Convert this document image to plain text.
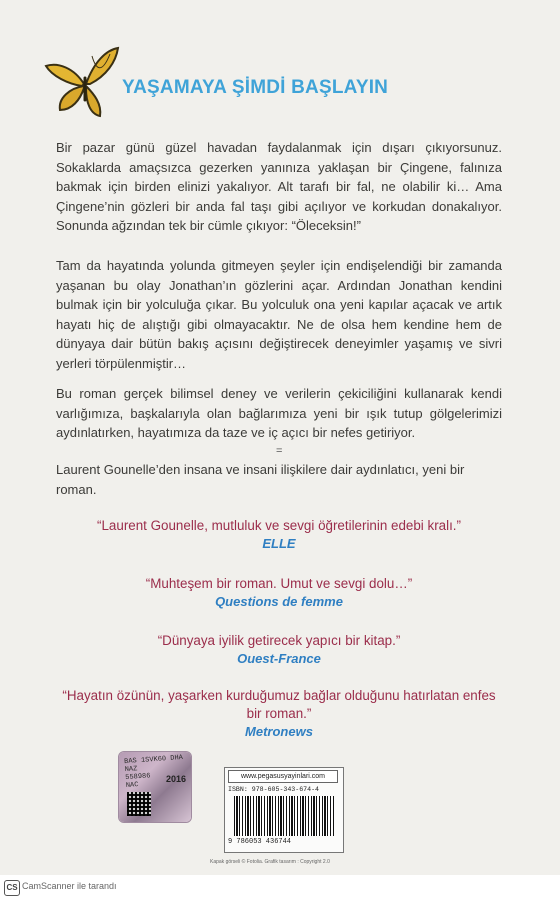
YAŞAMAYA ŞİMDİ BAŞLAYIN

Bir pazar günü güzel havadan faydalanmak için dışarı çıkıyorsunuz. Sokaklarda amaçsızca gezerken yanınıza yaklaşan bir Çingene, falınıza bakmak için birden elinizi yakalıyor. Alt tarafı bir fal, ne olabilir ki… Ama Çingene’nin gözleri bir anda fal taşı gibi açılıyor ve korkudan donakalıyor. Sonunda ağzından tek bir cümle çıkıyor: “Öleceksin!”

Tam da hayatında yolunda gitmeyen şeyler için endişelendiği bir zamanda yaşanan bu olay Jonathan’ın gözlerini açar. Ardından Jonathan kendini bulmak için bir yolculuğa çıkar. Bu yolculuk ona yeni kapılar açacak ve artık hayatı hiç de alıştığı gibi olmayacaktır. Ne de olsa hem kendine hem de dünyaya dair bütün bakış açısını değiştirecek deneyimler yaşamış ve sivri yerleri törpülenmiştir…

Bu roman gerçek bilimsel deney ve verilerin çekiciliğini kullanarak kendi varlığımıza, başkalarıyla olan bağlarımıza yeni bir ışık tutup gölgelerimizi aydınlatırken, hayatımıza da taze ve iç açıcı bir nefes getiriyor.

=

Laurent Gounelle’den insana ve insani ilişkilere dair aydınlatıcı, yeni bir roman.

“Laurent Gounelle, mutluluk ve sevgi öğretilerinin edebi kralı.”

ELLE

“Muhteşem bir roman. Umut ve sevgi dolu…”

Questions de femme

“Dünyaya iyilik getirecek yapıcı bir kitap.”

Ouest-France

“Hayatın özünün, yaşarken kurduğumuz bağlar olduğunu hatırlatan enfes bir roman.”

Metronews

BAS 1SVK60 DHA
NAZ
558986
NAC
2016	www.pegasusyayinlari.com
ISBN: 978-605-343-674-4
9 786053 436744
Kapak görseli © Fotolia. Grafik tasarım : Copyright 2.0
CS CamScanner ile tarandı
